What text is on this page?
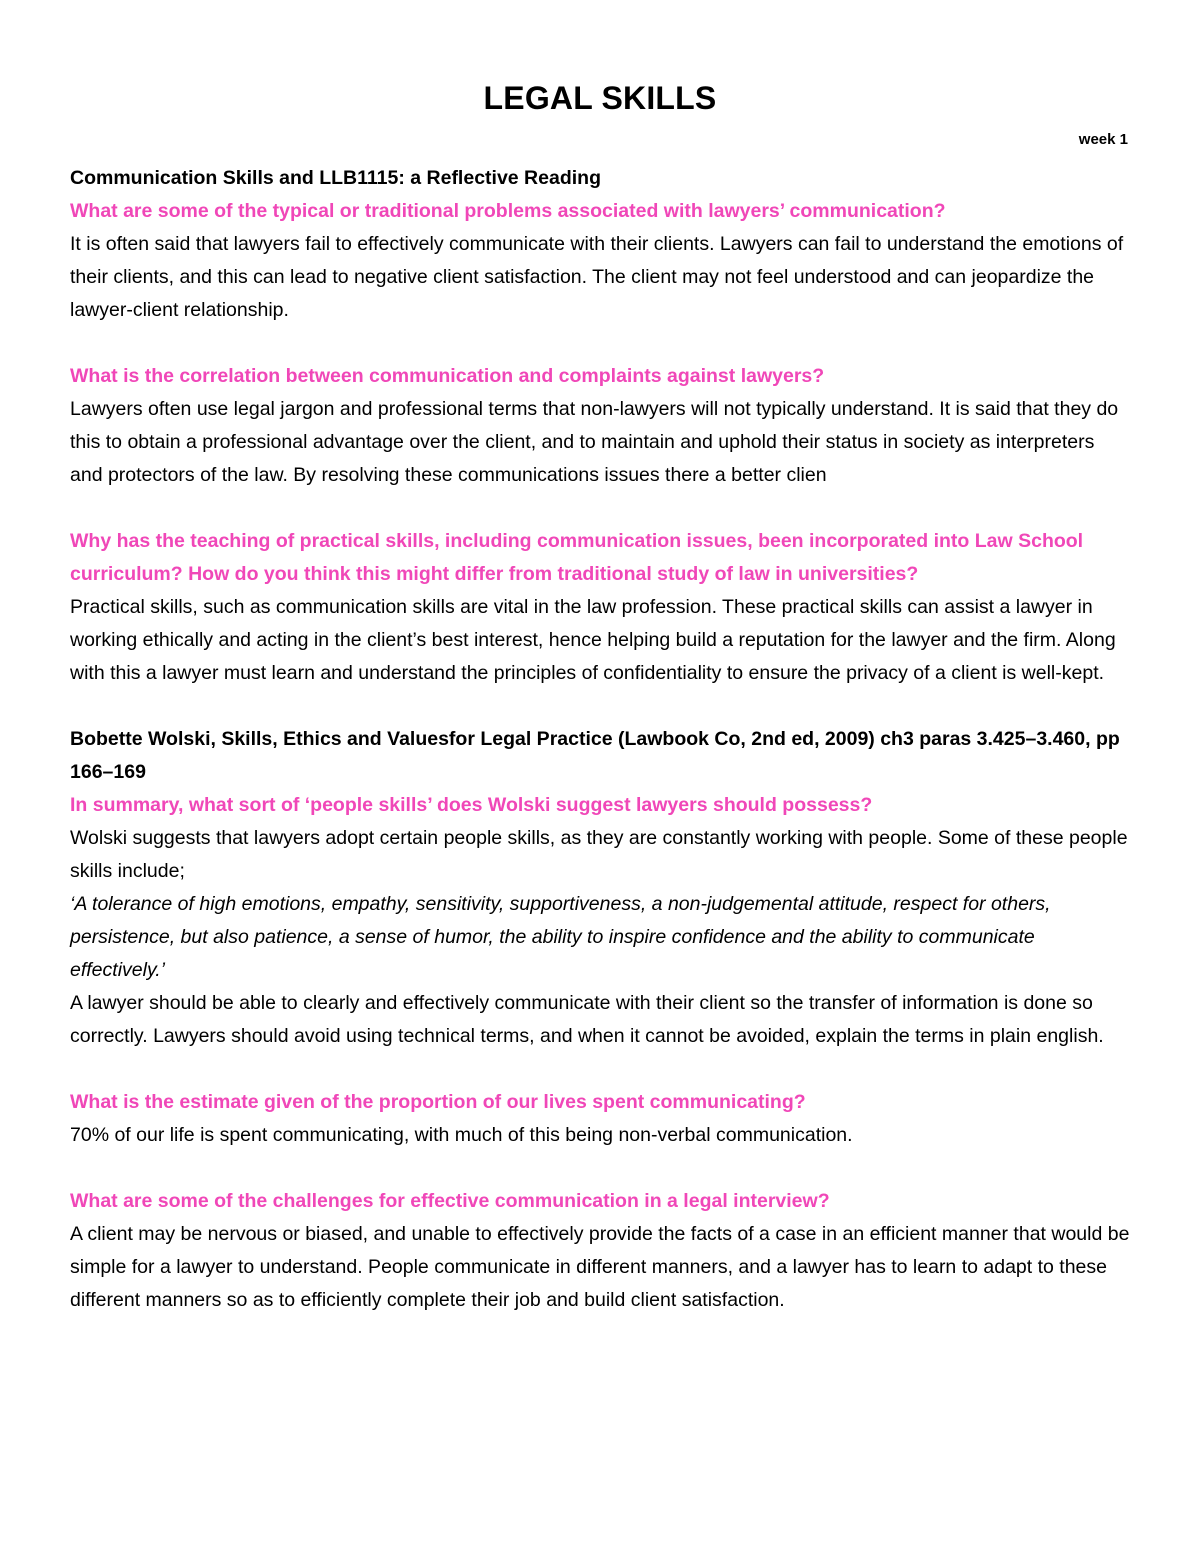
LEGAL SKILLS
week 1

Communication Skills and LLB1115: a Reflective Reading

What are some of the typical or traditional problems associated with lawyers’ communication?

It is often said that lawyers fail to effectively communicate with their clients. Lawyers can fail to understand the emotions of their clients, and this can lead to negative client satisfaction. The client may not feel understood and can jeopardize the lawyer-client relationship.

What is the correlation between communication and complaints against lawyers?

Lawyers often use legal jargon and professional terms that non-lawyers will not typically understand. It is said that they do this to obtain a professional advantage over the client, and to maintain and uphold their status in society as interpreters and protectors of the law. By resolving these communications issues there a better clien

Why has the teaching of practical skills, including communication issues, been incorporated into Law School curriculum? How do you think this might differ from traditional study of law in universities?

Practical skills, such as communication skills are vital in the law profession. These practical skills can assist a lawyer in working ethically and acting in the client’s best interest, hence helping build a reputation for the lawyer and the firm. Along with this a lawyer must learn and understand the principles of confidentiality to ensure the privacy of a client is well-kept.

Bobette Wolski, Skills, Ethics and Valuesfor Legal Practice (Lawbook Co, 2nd ed, 2009) ch3 paras 3.425–3.460, pp 166–169

In summary, what sort of ‘people skills’ does Wolski suggest lawyers should possess?

Wolski suggests that lawyers adopt certain people skills, as they are constantly working with people. Some of these people skills include;

‘A tolerance of high emotions, empathy, sensitivity, supportiveness, a non-judgemental attitude, respect for others, persistence, but also patience, a sense of humor, the ability to inspire confidence and the ability to communicate effectively.’

A lawyer should be able to clearly and effectively communicate with their client so the transfer of information is done so correctly. Lawyers should avoid using technical terms, and when it cannot be avoided, explain the terms in plain english.

What is the estimate given of the proportion of our lives spent communicating?

70% of our life is spent communicating, with much of this being non-verbal communication.

What are some of the challenges for effective communication in a legal interview?

A client may be nervous or biased, and unable to effectively provide the facts of a case in an efficient manner that would be simple for a lawyer to understand. People communicate in different manners, and a lawyer has to learn to adapt to these different manners so as to efficiently complete their job and build client satisfaction.
